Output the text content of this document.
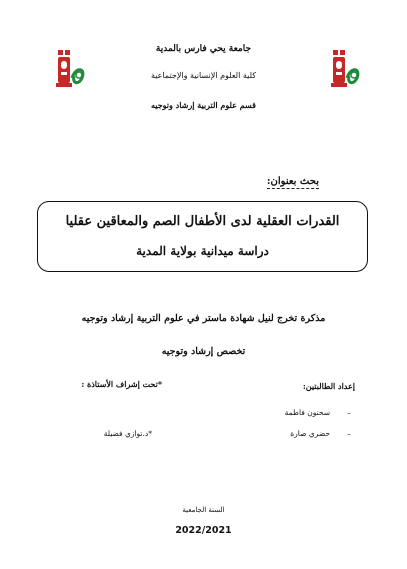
جامعة يحي فارس بالمدية
كلية العلوم الإنسانية والإجتماعية
قسم علوم التربية إرشاد وتوجيه
بحث بعنوان:
القدرات العقلية لدى الأطفال الصم والمعاقين عقليا
دراسة ميدانية بولاية المدية
مذكرة تخرج لنيل شهادة ماستر في علوم التربية إرشاد وتوجيه
تخصص إرشاد وتوجيه
إعداد الطالبتين:
*تحت إشراف الأستاذة :
–
سحنون فاطمة
–
حضري صارة
*د.توازي فضيلة
السنة الجامعية
2022/2021
